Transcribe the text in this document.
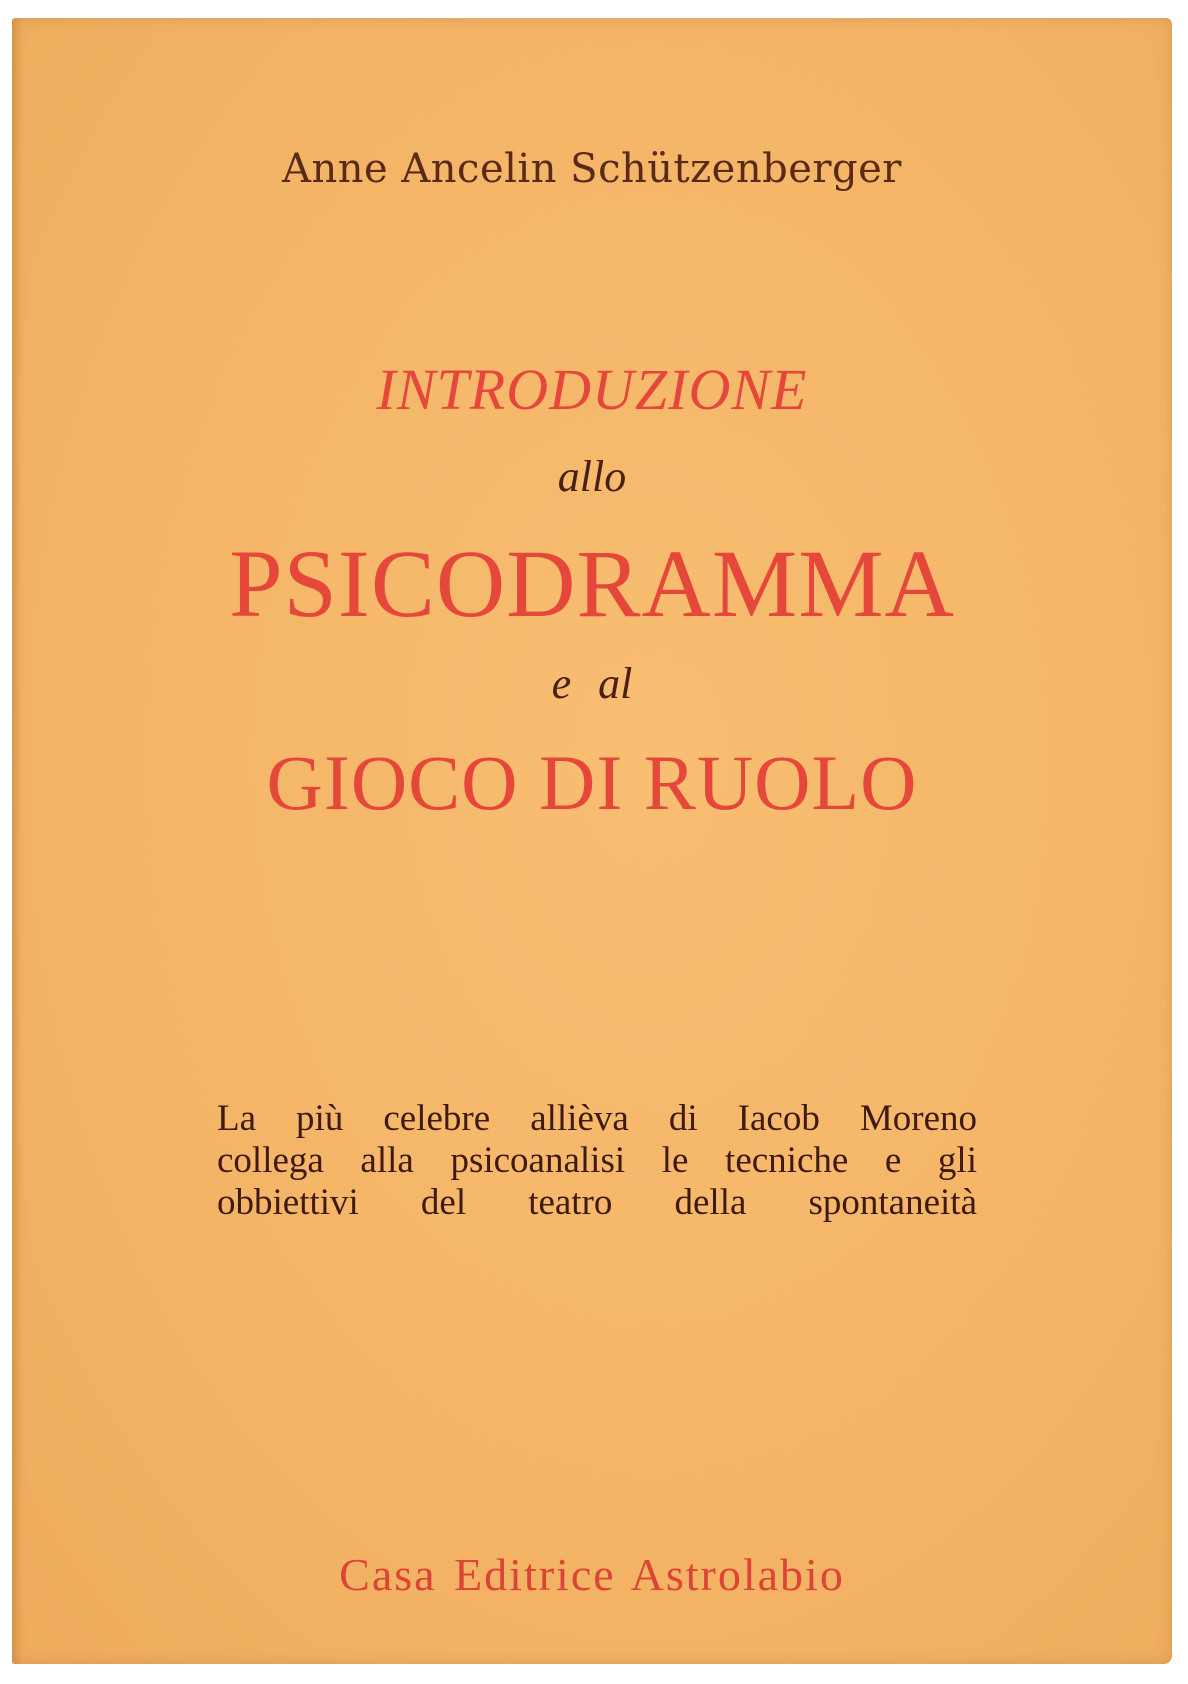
Anne Ancelin Schützenberger

INTRODUZIONE

allo

PSICODRAMMA

e al

GIOCO DI RUOLO

La più celebre allièva di Iacob Moreno
collega alla psicoanalisi le tecniche e gli
obbiettivi del teatro della spontaneità

Casa Editrice Astrolabio
